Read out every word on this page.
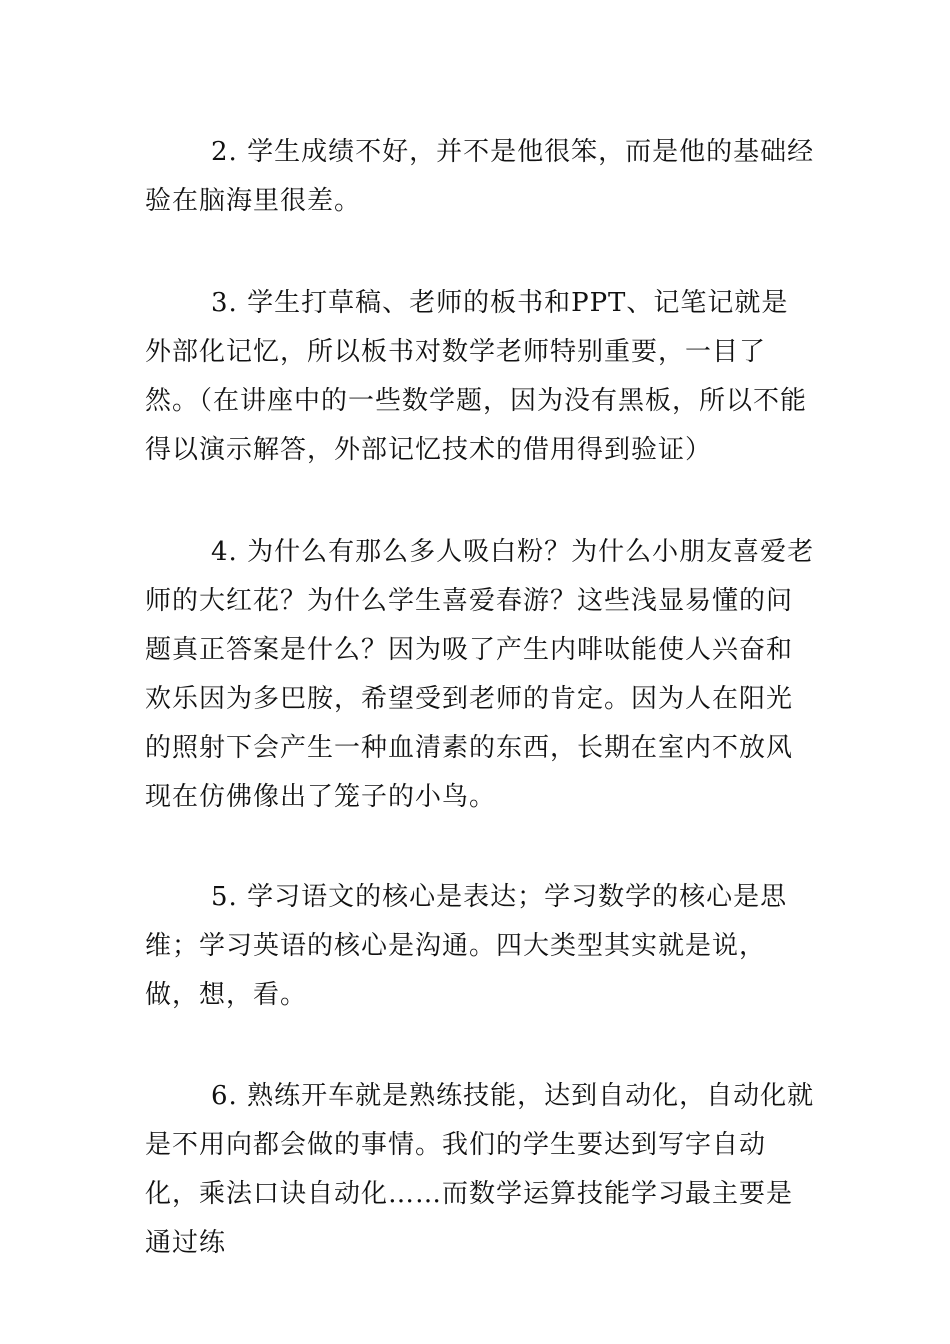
2. 学生成绩不好，并不是他很笨，而是他的基础经验在脑海里很差。

3. 学生打草稿、老师的板书和PPT、记笔记就是外部化记忆，所以板书对数学老师特别重要，一目了然。（在讲座中的一些数学题，因为没有黑板，所以不能得以演示解答，外部记忆技术的借用得到验证）

4. 为什么有那么多人吸白粉？为什么小朋友喜爱老师的大红花？为什么学生喜爱春游？这些浅显易懂的问题真正答案是什么？因为吸了产生内啡呔能使人兴奋和欢乐因为多巴胺，希望受到老师的肯定。因为人在阳光的照射下会产生一种血清素的东西，长期在室内不放风现在仿佛像出了笼子的小鸟。

5. 学习语文的核心是表达；学习数学的核心是思维；学习英语的核心是沟通。四大类型其实就是说，做，想，看。

6. 熟练开车就是熟练技能，达到自动化，自动化就是不用向都会做的事情。我们的学生要达到写字自动化，乘法口诀自动化……而数学运算技能学习最主要是通过练
